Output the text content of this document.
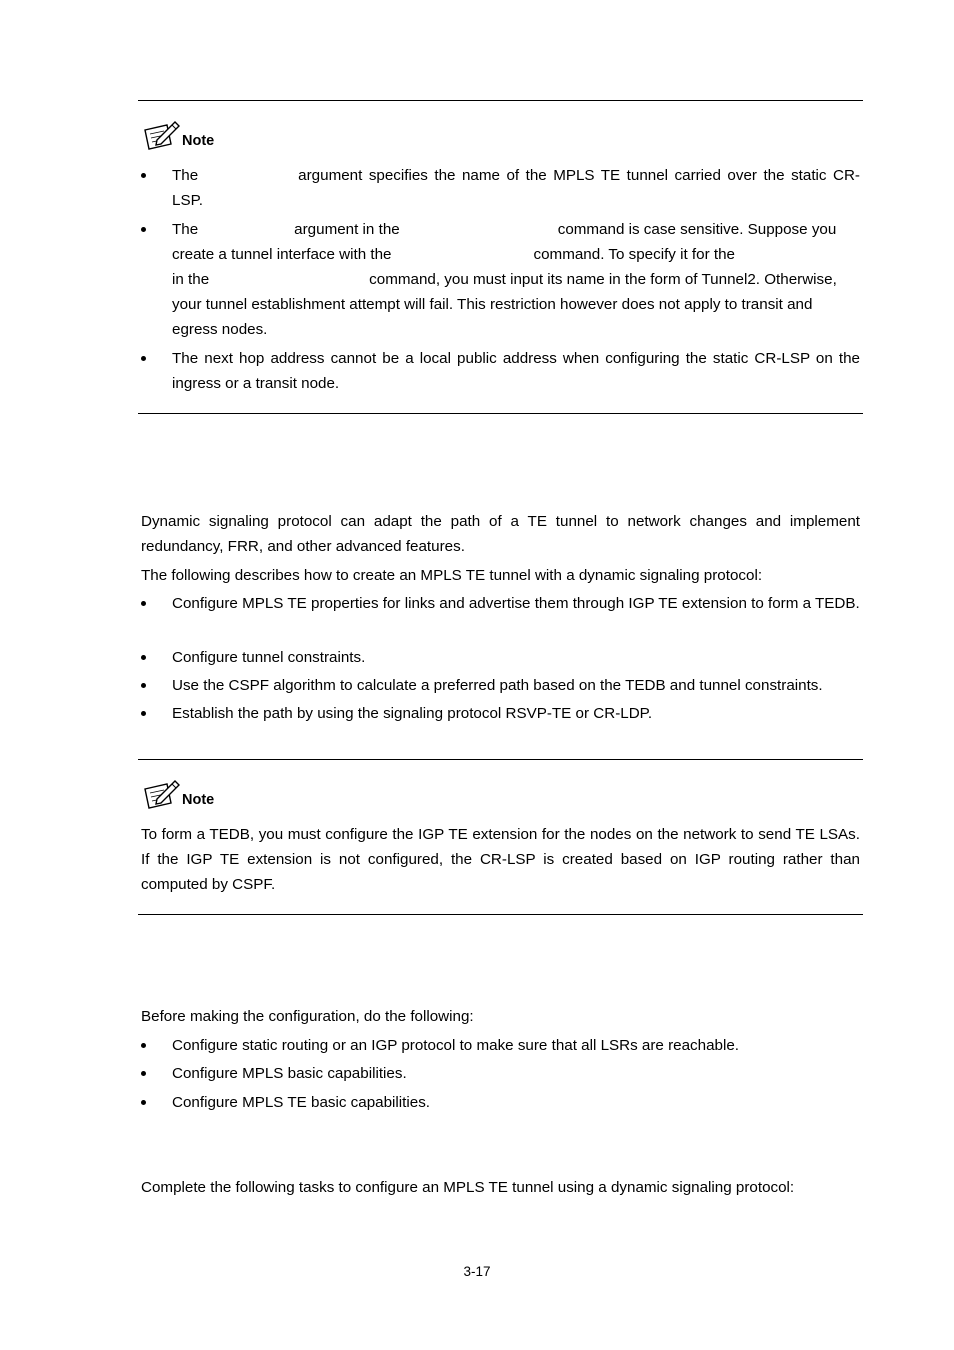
Note
The	argument specifies the name of the MPLS TE tunnel carried over the static CR-LSP.
The	argument in the	command is case sensitive. Suppose you create a tunnel interface with the	command. To specify it for the
in the	command, you must input its name in the form of Tunnel2. Otherwise, your tunnel establishment attempt will fail. This restriction however does not apply to transit and egress nodes.
The next hop address cannot be a local public address when configuring the static CR-LSP on the ingress or a transit node.

Dynamic signaling protocol can adapt the path of a TE tunnel to network changes and implement redundancy, FRR, and other advanced features.

The following describes how to create an MPLS TE tunnel with a dynamic signaling protocol:

Configure MPLS TE properties for links and advertise them through IGP TE extension to form a TEDB.
Configure tunnel constraints.
Use the CSPF algorithm to calculate a preferred path based on the TEDB and tunnel constraints.
Establish the path by using the signaling protocol RSVP-TE or CR-LDP.
Note

To form a TEDB, you must configure the IGP TE extension for the nodes on the network to send TE LSAs. If the IGP TE extension is not configured, the CR-LSP is created based on IGP routing rather than computed by CSPF.

Before making the configuration, do the following:

Configure static routing or an IGP protocol to make sure that all LSRs are reachable.
Configure MPLS basic capabilities.
Configure MPLS TE basic capabilities.

Complete the following tasks to configure an MPLS TE tunnel using a dynamic signaling protocol:

3-17
